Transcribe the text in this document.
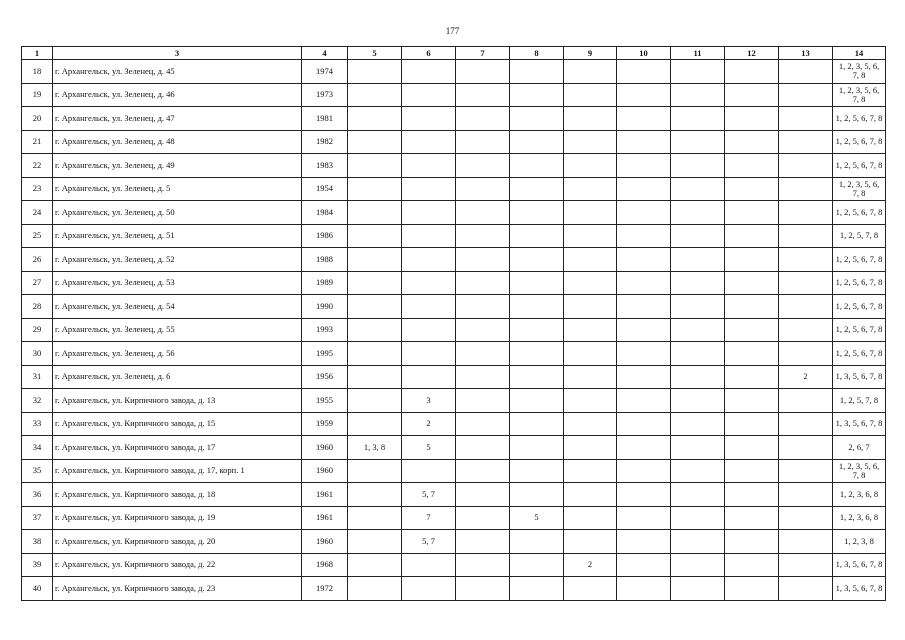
177
1	3	4	5	6	7	8	9	10	11	12	13	14
18	г. Архангельск, ул. Зеленец, д. 45	1974										1, 2, 3, 5, 6, 7, 8
19	г. Архангельск, ул. Зеленец, д. 46	1973										1, 2, 3, 5, 6, 7, 8
20	г. Архангельск, ул. Зеленец, д. 47	1981										1, 2, 5, 6, 7, 8
21	г. Архангельск, ул. Зеленец, д. 48	1982										1, 2, 5, 6, 7, 8
22	г. Архангельск, ул. Зеленец, д. 49	1983										1, 2, 5, 6, 7, 8
23	г. Архангельск, ул. Зеленец, д. 5	1954										1, 2, 3, 5, 6, 7, 8
24	г. Архангельск, ул. Зеленец, д. 50	1984										1, 2, 5, 6, 7, 8
25	г. Архангельск, ул. Зеленец, д. 51	1986										1, 2, 5, 7, 8
26	г. Архангельск, ул. Зеленец, д. 52	1988										1, 2, 5, 6, 7, 8
27	г. Архангельск, ул. Зеленец, д. 53	1989										1, 2, 5, 6, 7, 8
28	г. Архангельск, ул. Зеленец, д. 54	1990										1, 2, 5, 6, 7, 8
29	г. Архангельск, ул. Зеленец, д. 55	1993										1, 2, 5, 6, 7, 8
30	г. Архангельск, ул. Зеленец, д. 56	1995										1, 2, 5, 6, 7, 8
31	г. Архангельск, ул. Зеленец, д. 6	1956									2	1, 3, 5, 6, 7, 8
32	г. Архангельск, ул. Кирпичного завода, д. 13	1955		3								1, 2, 5, 7, 8
33	г. Архангельск, ул. Кирпичного завода, д. 15	1959		2								1, 3, 5, 6, 7, 8
34	г. Архангельск, ул. Кирпичного завода, д. 17	1960	1, 3, 8	5								2, 6, 7
35	г. Архангельск, ул. Кирпичного завода, д. 17, корп. 1	1960										1, 2, 3, 5, 6, 7, 8
36	г. Архангельск, ул. Кирпичного завода, д. 18	1961		5, 7								1, 2, 3, 6, 8
37	г. Архангельск, ул. Кирпичного завода, д. 19	1961		7		5						1, 2, 3, 6, 8
38	г. Архангельск, ул. Кирпичного завода, д. 20	1960		5, 7								1, 2, 3, 8
39	г. Архангельск, ул. Кирпичного завода, д. 22	1968					2					1, 3, 5, 6, 7, 8
40	г. Архангельск, ул. Кирпичного завода, д. 23	1972										1, 3, 5, 6, 7, 8
